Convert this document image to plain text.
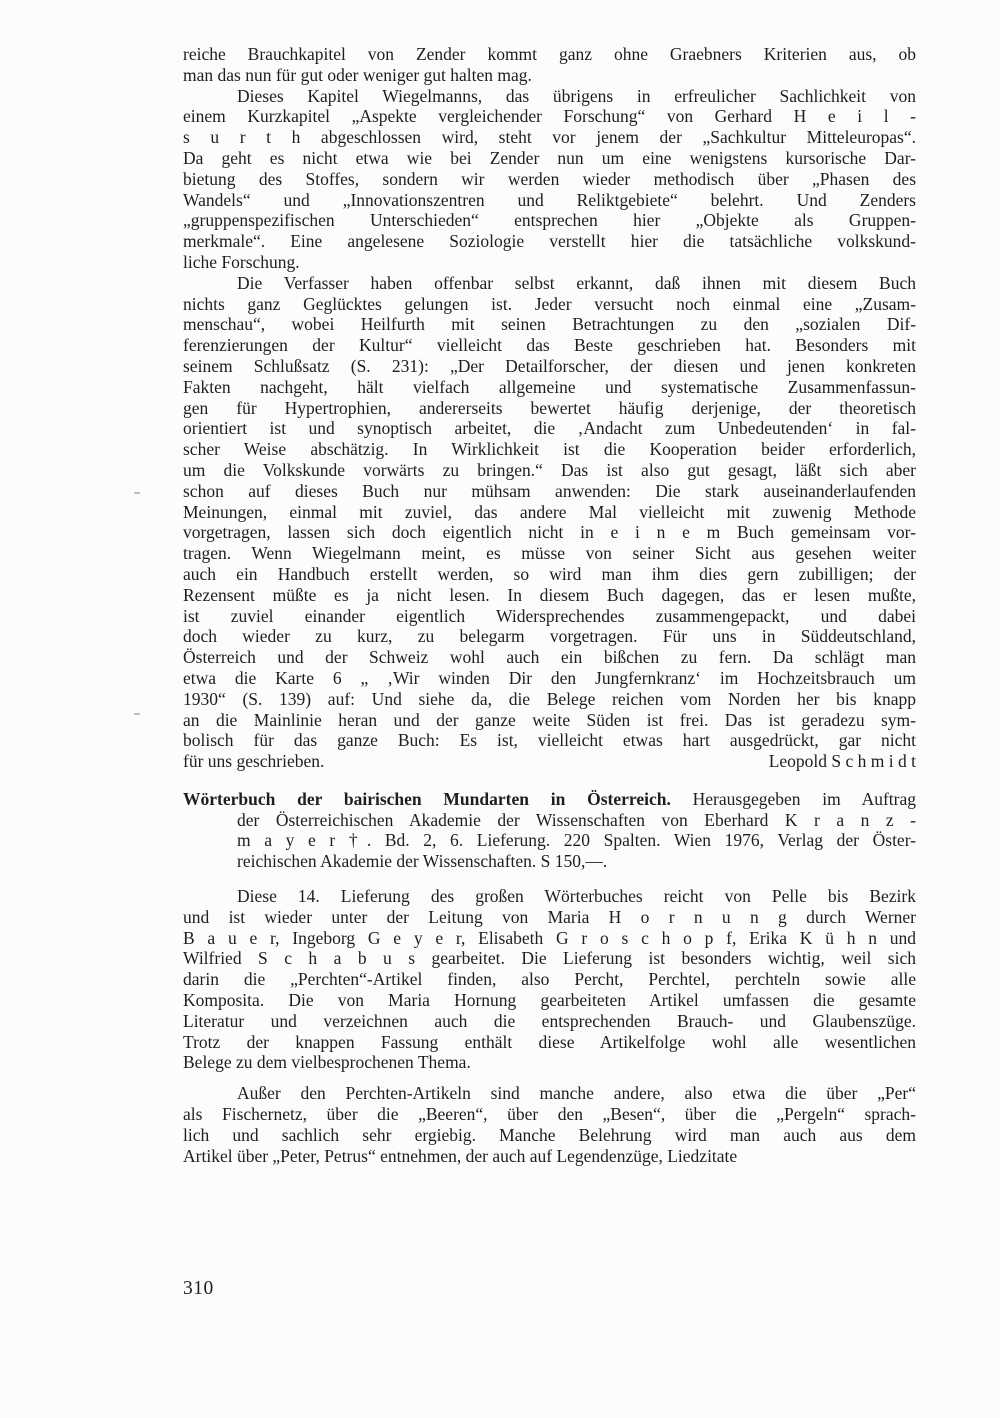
reiche Brauchkapitel von Zender kommt ganz ohne Graebners Kriterien aus, ob
man das nun für gut oder weniger gut halten mag.
Dieses Kapitel Wiegelmanns, das übrigens in erfreulicher Sachlichkeit von
einem Kurzkapitel „Aspekte vergleichender Forschung“ von Gerhard H e i l -
s u r t h abgeschlossen wird, steht vor jenem der „Sachkultur Mitteleuropas“.
Da geht es nicht etwa wie bei Zender nun um eine wenigstens kursorische Dar-
bietung des Stoffes, sondern wir werden wieder methodisch über „Phasen des
Wandels“ und „Innovationszentren und Reliktgebiete“ belehrt. Und Zenders
„gruppenspezifischen Unterschieden“ entsprechen hier „Objekte als Gruppen-
merkmale“. Eine angelesene Soziologie verstellt hier die tatsächliche volkskund-
liche Forschung.
Die Verfasser haben offenbar selbst erkannt, daß ihnen mit diesem Buch
nichts ganz Geglücktes gelungen ist. Jeder versucht noch einmal eine „Zusam-
menschau“, wobei Heilfurth mit seinen Betrachtungen zu den „sozialen Dif-
ferenzierungen der Kultur“ vielleicht das Beste geschrieben hat. Besonders mit
seinem Schlußsatz (S. 231): „Der Detailforscher, der diesen und jenen konkreten
Fakten nachgeht, hält vielfach allgemeine und systematische Zusammenfassun-
gen für Hypertrophien, andererseits bewertet häufig derjenige, der theoretisch
orientiert ist und synoptisch arbeitet, die ‚Andacht zum Unbedeutenden‘ in fal-
scher Weise abschätzig. In Wirklichkeit ist die Kooperation beider erforderlich,
um die Volkskunde vorwärts zu bringen.“ Das ist also gut gesagt, läßt sich aber
schon auf dieses Buch nur mühsam anwenden: Die stark auseinanderlaufenden
Meinungen, einmal mit zuviel, das andere Mal vielleicht mit zuwenig Methode
vorgetragen, lassen sich doch eigentlich nicht in e i n e m Buch gemeinsam vor-
tragen. Wenn Wiegelmann meint, es müsse von seiner Sicht aus gesehen weiter
auch ein Handbuch erstellt werden, so wird man ihm dies gern zubilligen; der
Rezensent müßte es ja nicht lesen. In diesem Buch dagegen, das er lesen mußte,
ist zuviel einander eigentlich Widersprechendes zusammengepackt, und dabei
doch wieder zu kurz, zu belegarm vorgetragen. Für uns in Süddeutschland,
Österreich und der Schweiz wohl auch ein bißchen zu fern. Da schlägt man
etwa die Karte 6 „ ‚Wir winden Dir den Jungfernkranz‘ im Hochzeitsbrauch um
1930“ (S. 139) auf: Und siehe da, die Belege reichen vom Norden her bis knapp
an die Mainlinie heran und der ganze weite Süden ist frei. Das ist geradezu sym-
bolisch für das ganze Buch: Es ist, vielleicht etwas hart ausgedrückt, gar nicht
für uns geschrieben.	Leopold S c h m i d t
Wörterbuch der bairischen Mundarten in Österreich. Herausgegeben im Auftrag
der Österreichischen Akademie der Wissenschaften von Eberhard K r a n z -
m a y e r †. Bd. 2, 6. Lieferung. 220 Spalten. Wien 1976, Verlag der Öster-
reichischen Akademie der Wissenschaften. S 150,—.
Diese 14. Lieferung des großen Wörterbuches reicht von Pelle bis Bezirk
und ist wieder unter der Leitung von Maria H o r n u n g durch Werner
B a u e r, Ingeborg G e y e r, Elisabeth G r o s c h o p f, Erika K ü h n und
Wilfried S c h a b u s gearbeitet. Die Lieferung ist besonders wichtig, weil sich
darin die „Perchten“-Artikel finden, also Percht, Perchtel, perchteln sowie alle
Komposita. Die von Maria Hornung gearbeiteten Artikel umfassen die gesamte
Literatur und verzeichnen auch die entsprechenden Brauch- und Glaubenszüge.
Trotz der knappen Fassung enthält diese Artikelfolge wohl alle wesentlichen
Belege zu dem vielbesprochenen Thema.
Außer den Perchten-Artikeln sind manche andere, also etwa die über „Per“
als Fischernetz, über die „Beeren“, über den „Besen“, über die „Pergeln“ sprach-
lich und sachlich sehr ergiebig. Manche Belehrung wird man auch aus dem
Artikel über „Peter, Petrus“ entnehmen, der auch auf Legendenzüge, Liedzitate
310
